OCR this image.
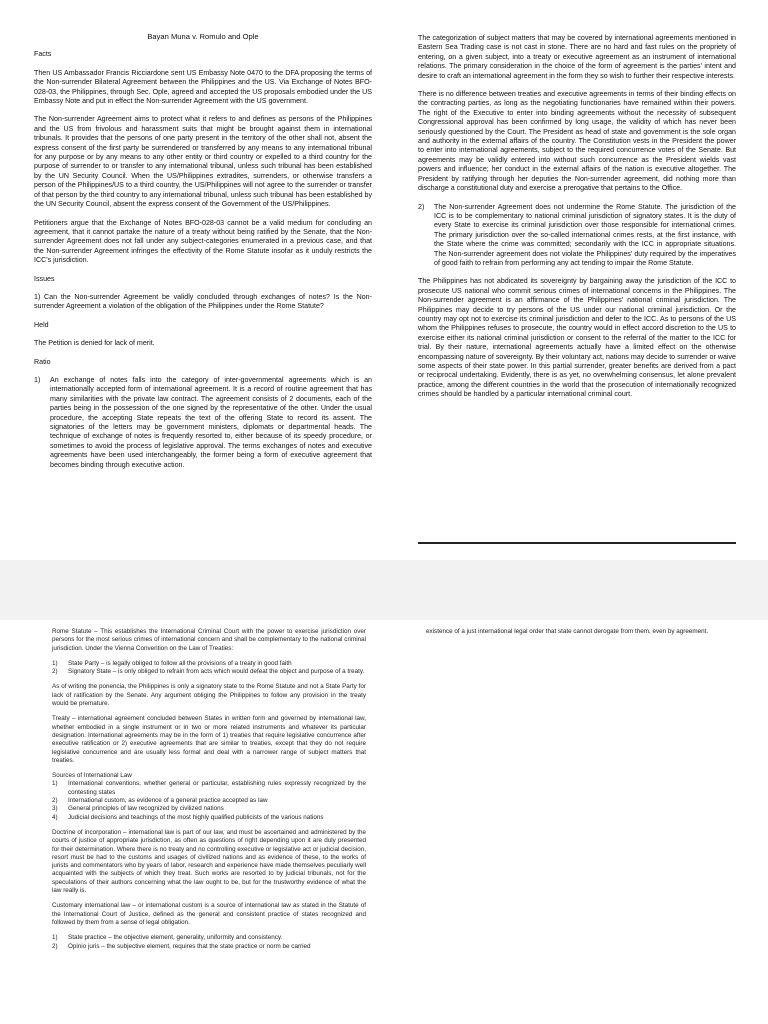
Bayan Muna v. Romulo and Ople

Facts

Then US Ambassador Francis Ricciardone sent US Embassy Note 0470 to the DFA proposing the terms of the Non-surrender Bilateral Agreement between the Philippines and the US. Via Exchange of Notes BFO-028-03, the Philippines, through Sec. Ople, agreed and accepted the US proposals embodied under the US Embassy Note and put in effect the Non-surrender Agreement with the US government.

The Non-surrender Agreement aims to protect what it refers to and defines as persons of the Philippines and the US from frivolous and harassment suits that might be brought against them in international tribunals. It provides that the persons of one party present in the territory of the other shall not, absent the express consent of the first party be surrendered or transferred by any means to any international tribunal for any purpose or by any means to any other entity or third country or expelled to a third country for the purpose of surrender to or transfer to any international tribunal, unless such tribunal has been established by the UN Security Council. When the US/Philippines extradites, surrenders, or otherwise transfers a person of the Philippines/US to a third country, the US/Philippines will not agree to the surrender or transfer of that person by the third country to any international tribunal, unless such tribunal has been established by the UN Security Council, absent the express consent of the Government of the US/Philippines.

Petitioners argue that the Exchange of Notes BFO-028-03 cannot be a valid medium for concluding an agreement, that it cannot partake the nature of a treaty without being ratified by the Senate, that the Non-surrender Agreement does not fall under any subject-categories enumerated in a previous case, and that the Non-surrender Agreement infringes the effectivity of the Rome Statute insofar as it unduly restricts the ICC's jurisdiction.

Issues

1) Can the Non-surrender Agreement be validly concluded through exchanges of notes? Is the Non-surrender Agreement a violation of the obligation of the Philippines under the Rome Statute?

Held

The Petition is denied for lack of merit.

Ratio

1)	An exchange of notes falls into the category of inter-governmental agreements which is an internationally accepted form of international agreement. It is a record of routine agreement that has many similarities with the private law contract. The agreement consists of 2 documents, each of the parties being in the possession of the one signed by the representative of the other. Under the usual procedure, the accepting State repeats the text of the offering State to record its assent. The signatories of the letters may be government ministers, diplomats or departmental heads. The technique of exchange of notes is frequently resorted to, either because of its speedy procedure, or sometimes to avoid the process of legislative approval. The terms exchanges of notes and executive agreements have been used interchangeably, the former being a form of executive agreement that becomes binding through executive action.

The categorization of subject matters that may be covered by international agreements mentioned in Eastern Sea Trading case is not cast in stone. There are no hard and fast rules on the propriety of entering, on a given subject, into a treaty or executive agreement as an instrument of international relations. The primary consideration in the choice of the form of agreement is the parties' intent and desire to craft an international agreement in the form they so wish to further their respective interests.

There is no difference between treaties and executive agreements in terms of their binding effects on the contracting parties, as long as the negotiating functionaries have remained within their powers. The right of the Executive to enter into binding agreements without the necessity of subsequent Congressional approval has been confirmed by long usage, the validity of which has never been seriously questioned by the Court. The President as head of state and government is the sole organ and authority in the external affairs of the country. The Constitution vests in the President the power to enter into international agreements, subject to the required concurrence votes of the Senate. But agreements may be validly entered into without such concurrence as the President wields vast powers and influence; her conduct in the external affairs of the nation is executive altogether. The President by ratifying through her deputies the Non-surrender agreement, did nothing more than discharge a constitutional duty and exercise a prerogative that pertains to the Office.

2)	The Non-surrender Agreement does not undermine the Rome Statute. The jurisdiction of the ICC is to be complementary to national criminal jurisdiction of signatory states. It is the duty of every State to exercise its criminal jurisdiction over those responsible for international crimes. The primary jurisdiction over the so-called international crimes rests, at the first instance, with the State where the crime was committed; secondarily with the ICC in appropriate situations. The Non-surrender agreement does not violate the Philippines' duty required by the imperatives of good faith to refrain from performing any act tending to impair the Rome Statute.

The Philippines has not abdicated its sovereignty by bargaining away the jurisdiction of the ICC to prosecute US national who commit serious crimes of international concerns in the Philippines. The Non-surrender agreement is an affirmance of the Philippines' national criminal jurisdiction. The Philippines may decide to try persons of the US under our national criminal jurisdiction. Or the country may opt not to exercise its criminal jurisdiction and defer to the ICC. As to persons of the US whom the Philippines refuses to prosecute, the country would in effect accord discretion to the US to exercise either its national criminal jurisdiction or consent to the referral of the matter to the ICC for trial. By their nature, international agreements actually have a limited effect on the otherwise encompassing nature of sovereignty. By their voluntary act, nations may decide to surrender or waive some aspects of their state power. In this partial surrender, greater benefits are derived from a pact or reciprocal undertaking. Evidently, there is as yet, no overwhelming consensus, let alone prevalent practice, among the different countries in the world that the prosecution of internationally recognized crimes should be handled by a particular international criminal court.

Rome Statute – This establishes the International Criminal Court with the power to exercise jurisdiction over persons for the most serious crimes of international concern and shall be complementary to the national criminal jurisdiction. Under the Vienna Convention on the Law of Treaties:

1)	State Party – is legally obliged to follow all the provisions of a treaty in good faith
2)	Signatory State – is only obliged to refrain from acts which would defeat the object and purpose of a treaty.

As of writing the ponencia, the Philippines is only a signatory state to the Rome Statute and not a State Party for lack of ratification by the Senate. Any argument obliging the Philippines to follow any provision in the treaty would be premature.

Treaty – international agreement concluded between States in written form and governed by international law, whether embodied in a single instrument or in two or more related instruments and whatever its particular designation. International agreements may be in the form of 1) treaties that require legislative concurrence after executive ratification or 2) executive agreements that are similar to treaties, except that they do not require legislative concurrence and are usually less formal and deal with a narrower range of subject matters that treaties.

Sources of International Law

1)	International conventions, whether general or particular, establishing rules expressly recognized by the contesting states
2)	International custom, as evidence of a general practice accepted as law
3)	General principles of law recognized by civilized nations
4)	Judicial decisions and teachings of the most highly qualified publicists of the various nations

Doctrine of incorporation – international law is part of our law, and must be ascertained and administered by the courts of justice of appropriate jurisdiction, as often as questions of right depending upon it are duly presented for their determination. Where there is no treaty and no controlling executive or legislative act or judicial decision, resort must be had to the customs and usages of civilized nations and as evidence of these, to the works of jurists and commentators who by years of labor, research and experience have made themselves peculiarly well acquainted with the subjects of which they treat. Such works are resorted to by judicial tribunals, not for the speculations of their authors concerning what the law ought to be, but for the trustworthy evidence of what the law really is.

Customary international law – or international custom is a source of international law as stated in the Statute of the International Court of Justice, defined as the general and consistent practice of states recognized and followed by them from a sense of legal obligation.

1)	State practice – the objective element, generality, uniformity and consistency.
2)	Opinio juris – the subjective element, requires that the state practice or norm be carried

existence of a just international legal order that state cannot derogate from them, even by agreement.
